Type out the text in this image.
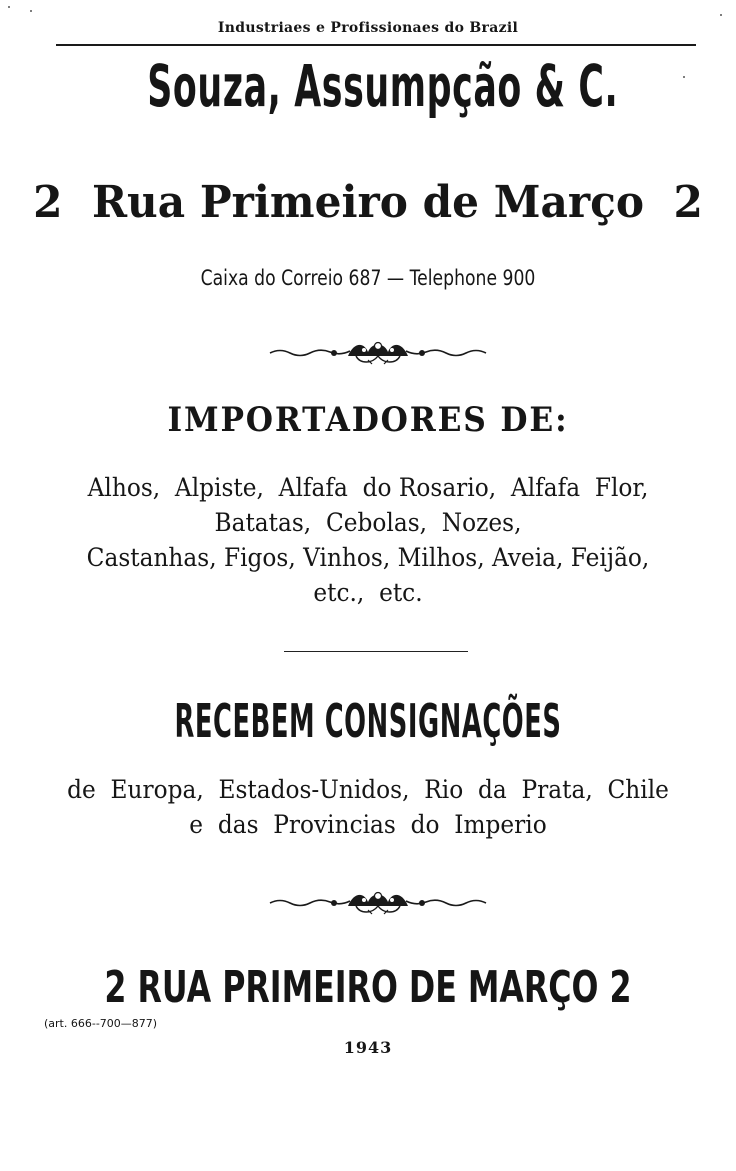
Industriaes e Profissionaes do Brazil
Souza, Assumpção & C.
2  Rua Primeiro de Março  2
Caixa do Correio 687 — Telephone 900
IMPORTADORES DE:
Alhos,  Alpiste,  Alfafa  do Rosario,  Alfafa  Flor,
Batatas,  Cebolas,  Nozes,
Castanhas, Figos, Vinhos, Milhos, Aveia, Feijão,
etc.,  etc.
RECEBEM CONSIGNAÇÕES
de  Europa,  Estados-Unidos,  Rio  da  Prata,  Chile
e  das  Provincias  do  Imperio
2 RUA PRIMEIRO DE MARÇO 2
(art. 666--700—877)
1943
